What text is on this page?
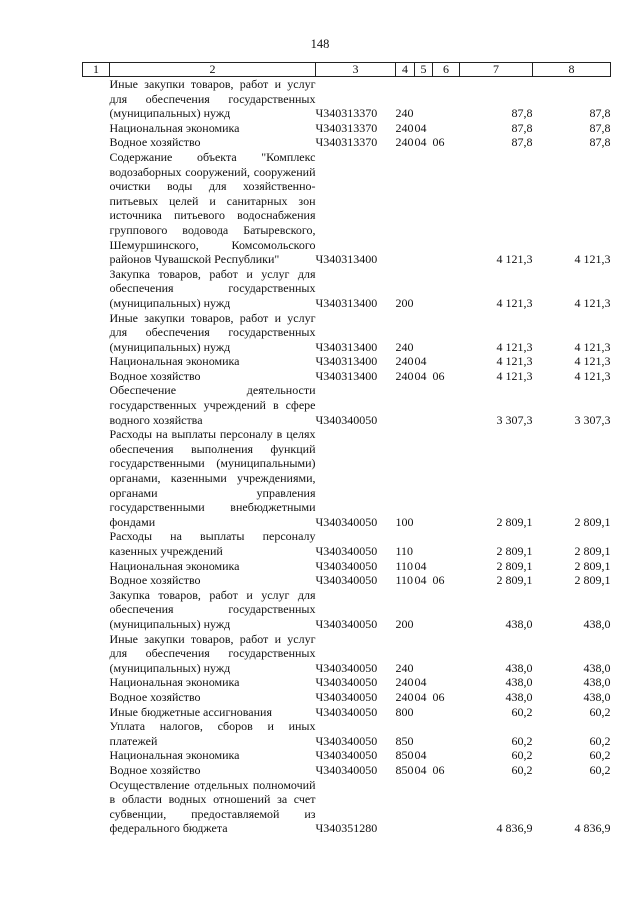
148
1	2	3	4	5	6	7	8
	Иные закупки товаров, работ и услуг для обеспечения государственных (муниципальных) нужд	Ч340313370	240			87,8	87,8
	Национальная экономика	Ч340313370	240	04		87,8	87,8
	Водное хозяйство	Ч340313370	240	04	06	87,8	87,8
	Содержание объекта "Комплекс водозаборных сооружений, сооружений очистки воды для хозяйственно-питьевых целей и санитарных зон источника питьевого водоснабжения группового водовода Батыревского, Шемуршинского, Комсомольского районов Чувашской Республики"	Ч340313400				4 121,3	4 121,3
	Закупка товаров, работ и услуг для обеспечения государственных (муниципальных) нужд	Ч340313400	200			4 121,3	4 121,3
	Иные закупки товаров, работ и услуг для обеспечения государственных (муниципальных) нужд	Ч340313400	240			4 121,3	4 121,3
	Национальная экономика	Ч340313400	240	04		4 121,3	4 121,3
	Водное хозяйство	Ч340313400	240	04	06	4 121,3	4 121,3
	Обеспечение деятельности государственных учреждений в сфере водного хозяйства	Ч340340050				3 307,3	3 307,3
	Расходы на выплаты персоналу в целях обеспечения выполнения функций государственными (муниципальными) органами, казенными учреждениями, органами управления государственными внебюджетными фондами	Ч340340050	100			2 809,1	2 809,1
	Расходы на выплаты персоналу казенных учреждений	Ч340340050	110			2 809,1	2 809,1
	Национальная экономика	Ч340340050	110	04		2 809,1	2 809,1
	Водное хозяйство	Ч340340050	110	04	06	2 809,1	2 809,1
	Закупка товаров, работ и услуг для обеспечения государственных (муниципальных) нужд	Ч340340050	200			438,0	438,0
	Иные закупки товаров, работ и услуг для обеспечения государственных (муниципальных) нужд	Ч340340050	240			438,0	438,0
	Национальная экономика	Ч340340050	240	04		438,0	438,0
	Водное хозяйство	Ч340340050	240	04	06	438,0	438,0
	Иные бюджетные ассигнования	Ч340340050	800			60,2	60,2
	Уплата налогов, сборов и иных платежей	Ч340340050	850			60,2	60,2
	Национальная экономика	Ч340340050	850	04		60,2	60,2
	Водное хозяйство	Ч340340050	850	04	06	60,2	60,2
	Осуществление отдельных полномочий в области водных отношений за счет субвенции, предоставляемой из федерального бюджета	Ч340351280				4 836,9	4 836,9
